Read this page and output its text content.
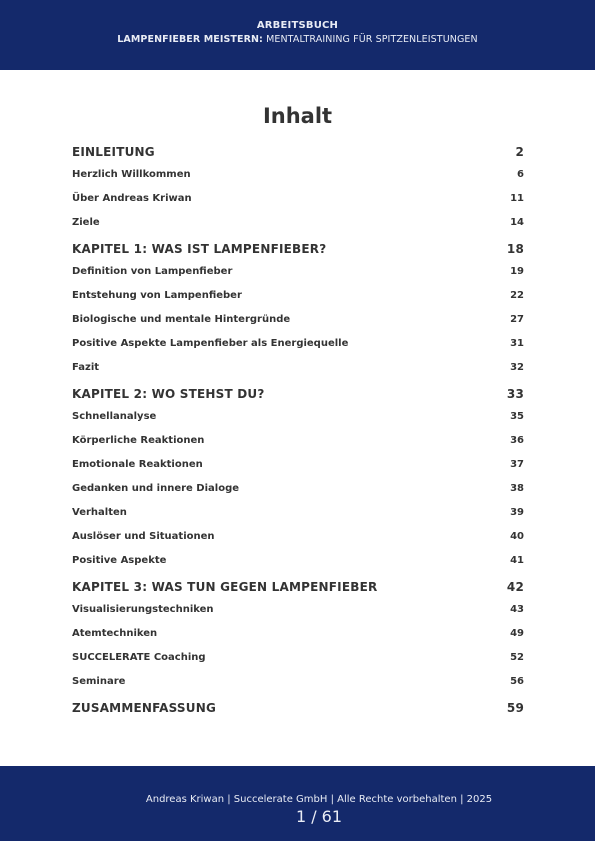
ARBEITSBUCH
LAMPENFIEBER MEISTERN: MENTALTRAINING FÜR SPITZENLEISTUNGEN
Inhalt
EINLEITUNG	2
Herzlich Willkommen	6
Über Andreas Kriwan	11
Ziele	14
KAPITEL 1: WAS IST LAMPENFIEBER?	18
Definition von Lampenfieber	19
Entstehung von Lampenfieber	22
Biologische und mentale Hintergründe	27
Positive Aspekte Lampenfieber als Energiequelle	31
Fazit	32
KAPITEL 2: WO STEHST DU?	33
Schnellanalyse	35
Körperliche Reaktionen	36
Emotionale Reaktionen	37
Gedanken und innere Dialoge	38
Verhalten	39
Auslöser und Situationen	40
Positive Aspekte	41
KAPITEL 3: WAS TUN GEGEN LAMPENFIEBER	42
Visualisierungstechniken	43
Atemtechniken	49
SUCCELERATE Coaching	52
Seminare	56
ZUSAMMENFASSUNG	59
Andreas Kriwan | Succelerate GmbH | Alle Rechte vorbehalten | 2025
1 / 61
